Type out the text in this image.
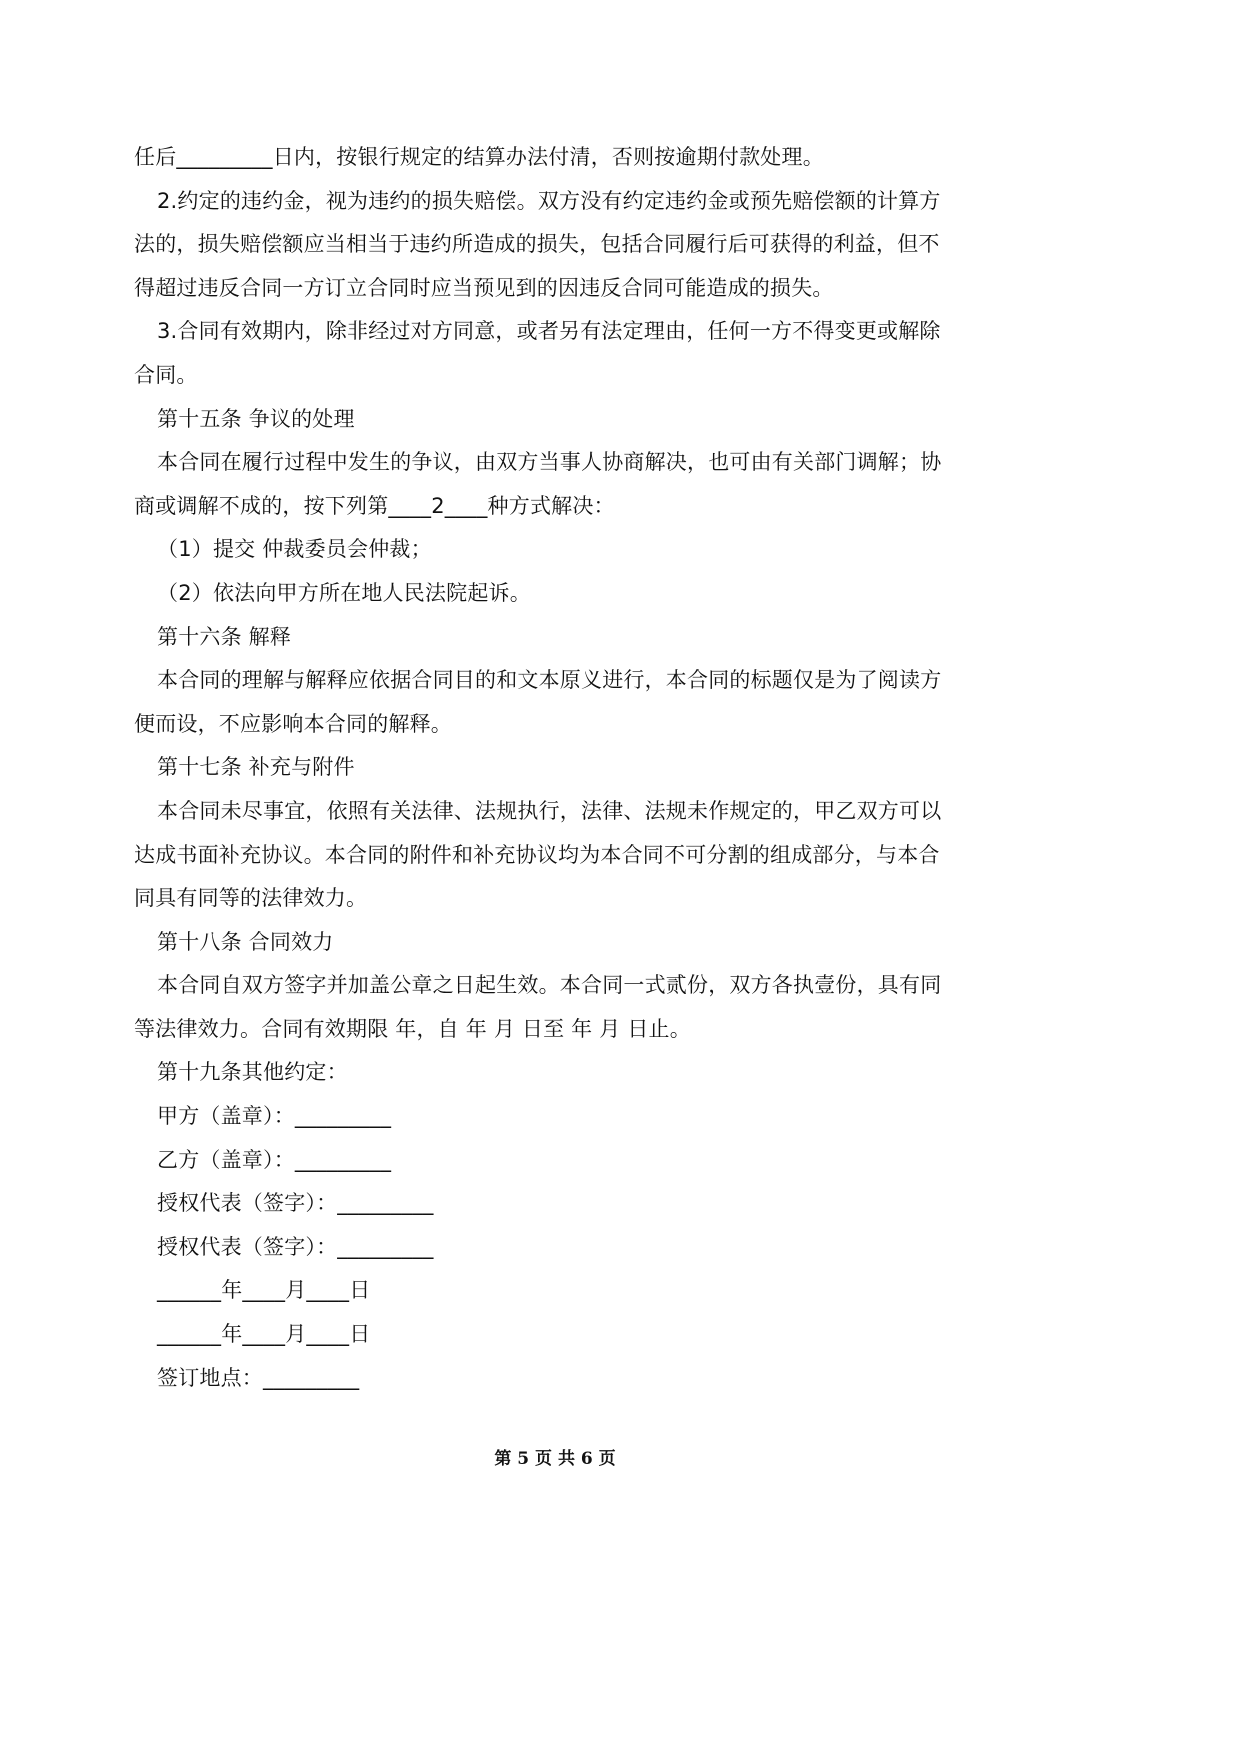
任后_________日内，按银行规定的结算办法付清，否则按逾期付款处理。
2.约定的违约金，视为违约的损失赔偿。双方没有约定违约金或预先赔偿额的计算方
法的，损失赔偿额应当相当于违约所造成的损失，包括合同履行后可获得的利益，但不
得超过违反合同一方订立合同时应当预见到的因违反合同可能造成的损失。
3.合同有效期内，除非经过对方同意，或者另有法定理由，任何一方不得变更或解除
合同。
第十五条 争议的处理
本合同在履行过程中发生的争议，由双方当事人协商解决，也可由有关部门调解；协
商或调解不成的，按下列第____2____种方式解决：
（1）提交 仲裁委员会仲裁；
（2）依法向甲方所在地人民法院起诉。
第十六条 解释
本合同的理解与解释应依据合同目的和文本原义进行，本合同的标题仅是为了阅读方
便而设，不应影响本合同的解释。
第十七条 补充与附件
本合同未尽事宜，依照有关法律、法规执行，法律、法规未作规定的，甲乙双方可以
达成书面补充协议。本合同的附件和补充协议均为本合同不可分割的组成部分，与本合
同具有同等的法律效力。
第十八条 合同效力
本合同自双方签字并加盖公章之日起生效。本合同一式贰份，双方各执壹份，具有同
等法律效力。合同有效期限 年，自 年 月 日至 年 月 日止。
第十九条其他约定：
甲方（盖章）：_________
乙方（盖章）：_________
授权代表（签字）：_________
授权代表（签字）：_________
______年____月____日
______年____月____日
签订地点：_________
第 5 页 共 6 页
